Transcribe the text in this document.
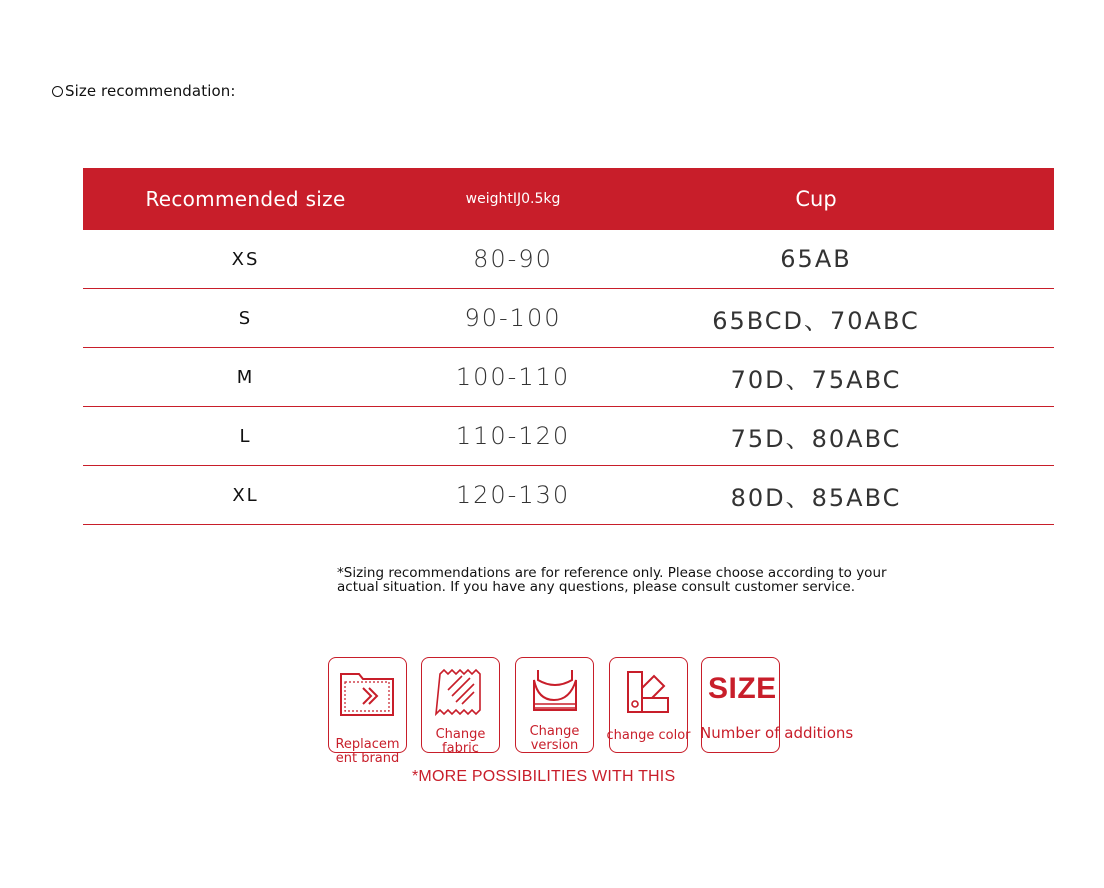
Size recommendation:
Recommended size	weightĲ0.5kg	Cup
XS	80-90	65AB
S	90-100	65BCD、70ABC
M	100-110	70D、75ABC
L	110-120	75D、80ABC
XL	120-130	80D、85ABC
*Sizing recommendations are for reference only. Please choose according to your actual situation. If you have any questions, please consult customer service.
Replacem ent brand
Change fabric
Change version
change color
SIZE
Number of additions
*MORE POSSIBILITIES WITH THIS
